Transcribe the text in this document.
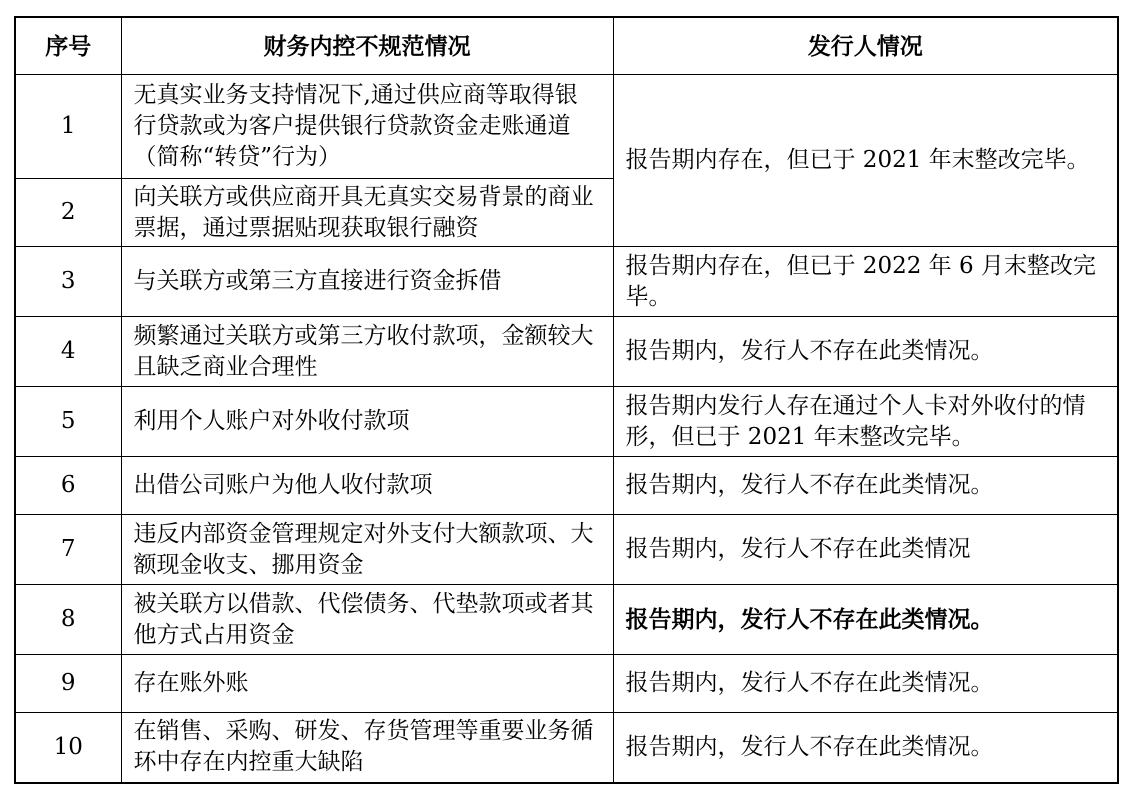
序号	财务内控不规范情况	发行人情况
1	无真实业务支持情况下,通过供应商等取得银行贷款或为客户提供银行贷款资金走账通道（简称“转贷”行为）	报告期内存在，但已于 2021 年末整改完毕。
2	向关联方或供应商开具无真实交易背景的商业票据，通过票据贴现获取银行融资	
3	与关联方或第三方直接进行资金拆借	报告期内存在，但已于 2022 年 6 月末整改完毕。
4	频繁通过关联方或第三方收付款项，金额较大且缺乏商业合理性	报告期内，发行人不存在此类情况。
5	利用个人账户对外收付款项	报告期内发行人存在通过个人卡对外收付的情形，但已于 2021 年末整改完毕。
6	出借公司账户为他人收付款项	报告期内，发行人不存在此类情况。
7	违反内部资金管理规定对外支付大额款项、大额现金收支、挪用资金	报告期内，发行人不存在此类情况
8	被关联方以借款、代偿债务、代垫款项或者其他方式占用资金	报告期内，发行人不存在此类情况。
9	存在账外账	报告期内，发行人不存在此类情况。
10	在销售、采购、研发、存货管理等重要业务循环中存在内控重大缺陷	报告期内，发行人不存在此类情况。
